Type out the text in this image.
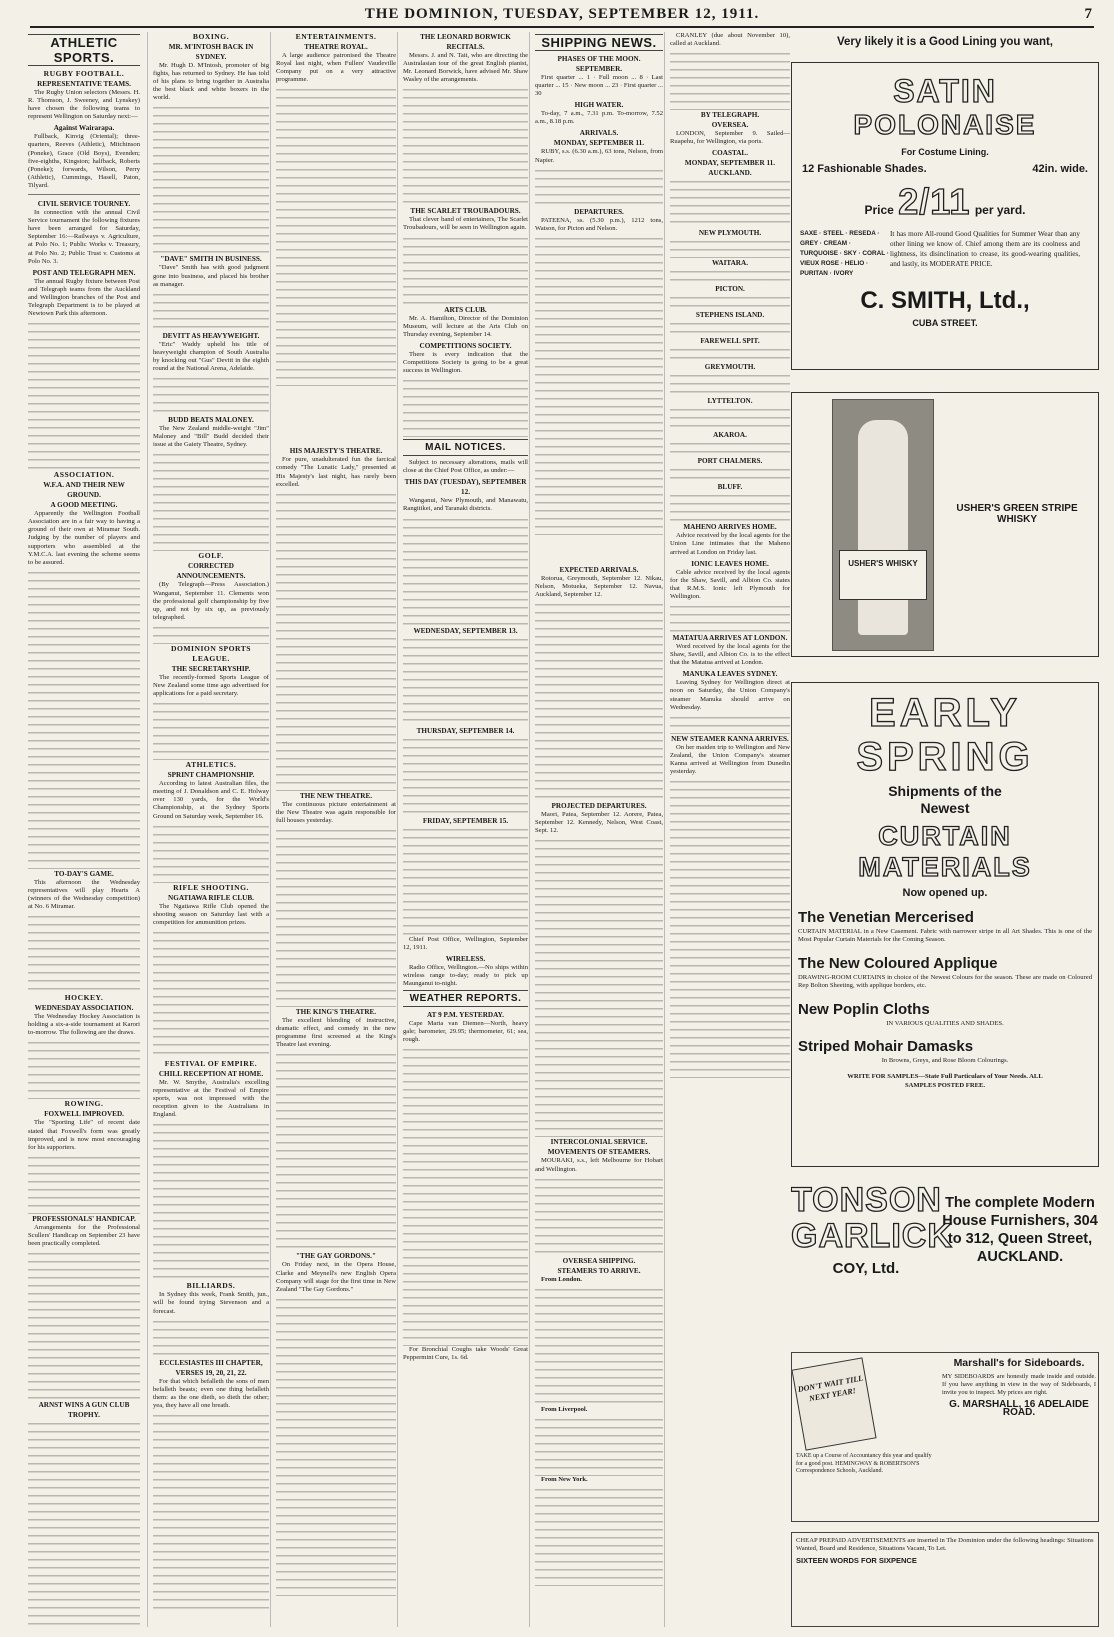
THE DOMINION, TUESDAY, SEPTEMBER 12, 1911.	7
ATHLETIC SPORTS.
RUGBY FOOTBALL.
REPRESENTATIVE TEAMS.
The Rugby Union selectors (Messrs. H. R. Thomson, J. Sweeney, and Lynskey) have chosen the following teams to represent Wellington on Saturday next:—
Against Wairarapa.
Fullback, Kinvig (Oriental); three-quarters, Reeves (Athletic), Mitchinson (Poneke), Grace (Old Boys), Evenden; five-eighths, Kingston; halfback, Roberts (Poneke); forwards, Wilson, Perry (Athletic), Cummings, Hasell, Paton, Tilyard.
CIVIL SERVICE TOURNEY.
In connection with the annual Civil Service tournament the following fixtures have been arranged for Saturday, September 16:—Railways v. Agriculture, at Polo No. 1; Public Works v. Treasury, at Polo No. 2; Public Trust v. Customs at Polo No. 3.
POST AND TELEGRAPH MEN.
The annual Rugby fixture between Post and Telegraph teams from the Auckland and Wellington branches of the Post and Telegraph Department is to be played at Newtown Park this afternoon.
ASSOCIATION.
W.F.A. AND THEIR NEW GROUND.
A GOOD MEETING.
Apparently the Wellington Football Association are in a fair way to having a ground of their own at Miramar South. Judging by the number of players and supporters who assembled at the Y.M.C.A. last evening the scheme seems to be assured.
TO-DAY'S GAME.
This afternoon the Wednesday representatives will play Hearts A (winners of the Wednesday competition) at No. 6 Miramar.
HOCKEY.
WEDNESDAY ASSOCIATION.
The Wednesday Hockey Association is holding a six-a-side tournament at Karori to-morrow. The following are the draws.
ROWING.
FOXWELL IMPROVED.
The "Sporting Life" of recent date stated that Foxwell's form was greatly improved, and is now most encouraging for his supporters.
PROFESSIONALS' HANDICAP.
Arrangements for the Professional Scullers' Handicap on September 23 have been practically completed.
ARNST WINS A GUN CLUB TROPHY.
BOXING.
MR. M'INTOSH BACK IN SYDNEY.
Mr. Hugh D. M'Intosh, promoter of big fights, has returned to Sydney. He has told of his plans to bring together in Australia the best black and white boxers in the world.
"DAVE" SMITH IN BUSINESS.
"Dave" Smith has with good judgment gone into business, and placed his brother as manager.
DEVITT AS HEAVYWEIGHT.
"Eric" Waddy upheld his title of heavyweight champion of South Australia by knocking out "Gus" Devitt in the eighth round at the National Arena, Adelaide.
BUDD BEATS MALONEY.
The New Zealand middle-weight "Jim" Maloney and "Bill" Budd decided their issue at the Gaiety Theatre, Sydney.
GOLF.
CORRECTED ANNOUNCEMENTS.
(By Telegraph—Press Association.) Wanganui, September 11. Clements won the professional golf championship by five up, and not by six up, as previously telegraphed.
DOMINION SPORTS LEAGUE.
THE SECRETARYSHIP.
The recently-formed Sports League of New Zealand some time ago advertised for applications for a paid secretary.
ATHLETICS.
SPRINT CHAMPIONSHIP.
According to latest Australian files, the meeting of J. Donaldson and C. E. Holway over 130 yards, for the World's Championship, at the Sydney Sports Ground on Saturday week, September 16.
RIFLE SHOOTING.
NGATIAWA RIFLE CLUB.
The Ngatiawa Rifle Club opened the shooting season on Saturday last with a competition for ammunition prizes.
FESTIVAL OF EMPIRE.
CHILL RECEPTION AT HOME.
Mr. W. Smythe, Australia's excelling representative at the Festival of Empire sports, was not impressed with the reception given to the Australians in England.
BILLIARDS.
In Sydney this week, Frank Smith, jun., will be found trying Stevenson and a forecast.
ECCLESIASTES III CHAPTER, VERSES 19, 20, 21, 22.
For that which befalleth the sons of men befalleth beasts; even one thing befalleth them: as the one dieth, so dieth the other; yea, they have all one breath.
ENTERTAINMENTS.
THEATRE ROYAL.
A large audience patronised the Theatre Royal last night, when Fullers' Vaudeville Company put on a very attractive programme.
HIS MAJESTY'S THEATRE.
For pure, unadulterated fun the farcical comedy "The Lunatic Lady," presented at His Majesty's last night, has rarely been excelled.
THE NEW THEATRE.
The continuous picture entertainment at the New Theatre was again responsible for full houses yesterday.
THE KING'S THEATRE.
The excellent blending of instructive, dramatic effect, and comedy in the new programme first screened at the King's Theatre last evening.
"THE GAY GORDONS."
On Friday next, in the Opera House, Clarke and Meynell's new English Opera Company will stage for the first time in New Zealand "The Gay Gordons."
THE LEONARD BORWICK RECITALS.
Messrs. J. and N. Tait, who are directing the Australasian tour of the great English pianist, Mr. Leonard Borwick, have advised Mr. Shaw Wasley of the arrangements.
THE SCARLET TROUBADOURS.
That clever band of entertainers, The Scarlet Troubadours, will be seen in Wellington again.
ARTS CLUB.
Mr. A. Hamilton, Director of the Dominion Museum, will lecture at the Arts Club on Thursday evening, September 14.
COMPETITIONS SOCIETY.
There is every indication that the Competitions Society is going to be a great success in Wellington.
MAIL NOTICES.
Subject to necessary alterations, mails will close at the Chief Post Office, as under:—
THIS DAY (TUESDAY), SEPTEMBER 12.
Wanganui, New Plymouth, and Manawatu, Rangitikei, and Taranaki districts.
WEDNESDAY, SEPTEMBER 13.
THURSDAY, SEPTEMBER 14.
FRIDAY, SEPTEMBER 15.
Chief Post Office, Wellington, September 12, 1911.
WIRELESS.
Radio Office, Wellington.—No ships within wireless range to-day; ready to pick up Maunganui to-night.
WEATHER REPORTS.
AT 9 P.M. YESTERDAY.
Cape Maria van Diemen—North, heavy gale; barometer, 29.95; thermometer, 61; sea, rough.
For Bronchial Coughs take Woods' Great Peppermint Cure, 1s. 6d.
SHIPPING NEWS.
PHASES OF THE MOON.
SEPTEMBER.
First quarter ... 1 · Full moon ... 8 · Last quarter ... 15 · New moon ... 23 · First quarter ... 30
HIGH WATER.
To-day, 7 a.m., 7.31 p.m. To-morrow, 7.52 a.m., 8.18 p.m.
ARRIVALS.
MONDAY, SEPTEMBER 11.
RUBY, s.s. (6.30 a.m.), 63 tons, Nelson, from Napier.
DEPARTURES.
PATEENA, ss. (5.30 p.m.), 1212 tons, Watson, for Picton and Nelson.
EXPECTED ARRIVALS.
Rotorua, Greymouth, September 12. Nikau, Nelson, Motueka, September 12. Navua, Auckland, September 12.
PROJECTED DEPARTURES.
Maori, Patea, September 12. Aorere, Patea, September 12. Kennedy, Nelson, West Coast, Sept. 12.
INTERCOLONIAL SERVICE.
MOVEMENTS OF STEAMERS.
MOURAKI, s.s., left Melbourne for Hobart and Wellington.
OVERSEA SHIPPING.
STEAMERS TO ARRIVE.
From London.
From Liverpool.
From New York.
CRANLEY (due about November 10), called at Auckland.
BY TELEGRAPH.
OVERSEA.
LONDON, September 9. Sailed—Ruapehu, for Wellington, via ports.
COASTAL.
MONDAY, SEPTEMBER 11.
AUCKLAND.
NEW PLYMOUTH.
WAITARA.
PICTON.
STEPHENS ISLAND.
FAREWELL SPIT.
GREYMOUTH.
LYTTELTON.
AKAROA.
PORT CHALMERS.
BLUFF.
MAHENO ARRIVES HOME.
Advice received by the local agents for the Union Line intimates that the Maheno arrived at London on Friday last.
IONIC LEAVES HOME.
Cable advice received by the local agents for the Shaw, Savill, and Albion Co. states that R.M.S. Ionic left Plymouth for Wellington.
MATATUA ARRIVES AT LONDON.
Word received by the local agents for the Shaw, Savill, and Albion Co. is to the effect that the Matatua arrived at London.
MANUKA LEAVES SYDNEY.
Leaving Sydney for Wellington direct at noon on Saturday, the Union Company's steamer Manuka should arrive on Wednesday.
NEW STEAMER KANNA ARRIVES.
On her maiden trip to Wellington and New Zealand, the Union Company's steamer Kanna arrived at Wellington from Dunedin yesterday.
Very likely it is a Good Lining you want,
SATIN
POLONAISE
For Costume Lining.
12 Fashionable Shades.	42in. wide.
Price 2/11 per yard.
SAXE · STEEL · RESEDA · GREY · CREAM · TURQUOISE · SKY · CORAL · VIEUX ROSE · HELIO · PURITAN · IVORY
It has more All-round Good Qualities for Summer Wear than any other lining we know of. Chief among them are its coolness and lightness, its disinclination to crease, its good-wearing qualities, and lastly, its MODERATE PRICE.
C. SMITH, Ltd.,
CUBA STREET.
USHER'S WHISKY
USHER'S GREEN STRIPE WHISKY
EARLY
SPRING
Shipments of the Newest
CURTAIN MATERIALS
Now opened up.
The Venetian Mercerised
CURTAIN MATERIAL in a New Casement. Fabric with narrower stripe in all Art Shades. This is one of the Most Popular Curtain Materials for the Coming Season.
The New Coloured Applique
DRAWING-ROOM CURTAINS in choice of the Newest Colours for the season. These are made on Coloured Rep Bolton Sheeting, with applique borders, etc.
New Poplin Cloths
IN VARIOUS QUALITIES AND SHADES.
Striped Mohair Damasks
In Browns, Greys, and Rose Bloom Colourings.
WRITE FOR SAMPLES—State Full Particulars of Your Needs. ALL SAMPLES POSTED FREE.
TONSON
GARLICK
COY, Ltd.
The complete Modern House Furnishers, 304 to 312, Queen Street, AUCKLAND.
DON'T WAIT TILL NEXT YEAR!
TAKE up a Course of Accountancy this year and qualify for a good post. HEMINGWAY & ROBERTSON'S Correspondence Schools, Auckland.
Marshall's for Sideboards.
MY SIDEBOARDS are honestly made inside and outside. If you have anything in view in the way of Sideboards, I invite you to inspect. My prices are right.
G. MARSHALL, 16 ADELAIDE ROAD.
CHEAP PREPAID ADVERTISEMENTS are inserted in The Dominion under the following headings: Situations Wanted, Board and Residence, Situations Vacant, To Let.
SIXTEEN WORDS FOR SIXPENCE
